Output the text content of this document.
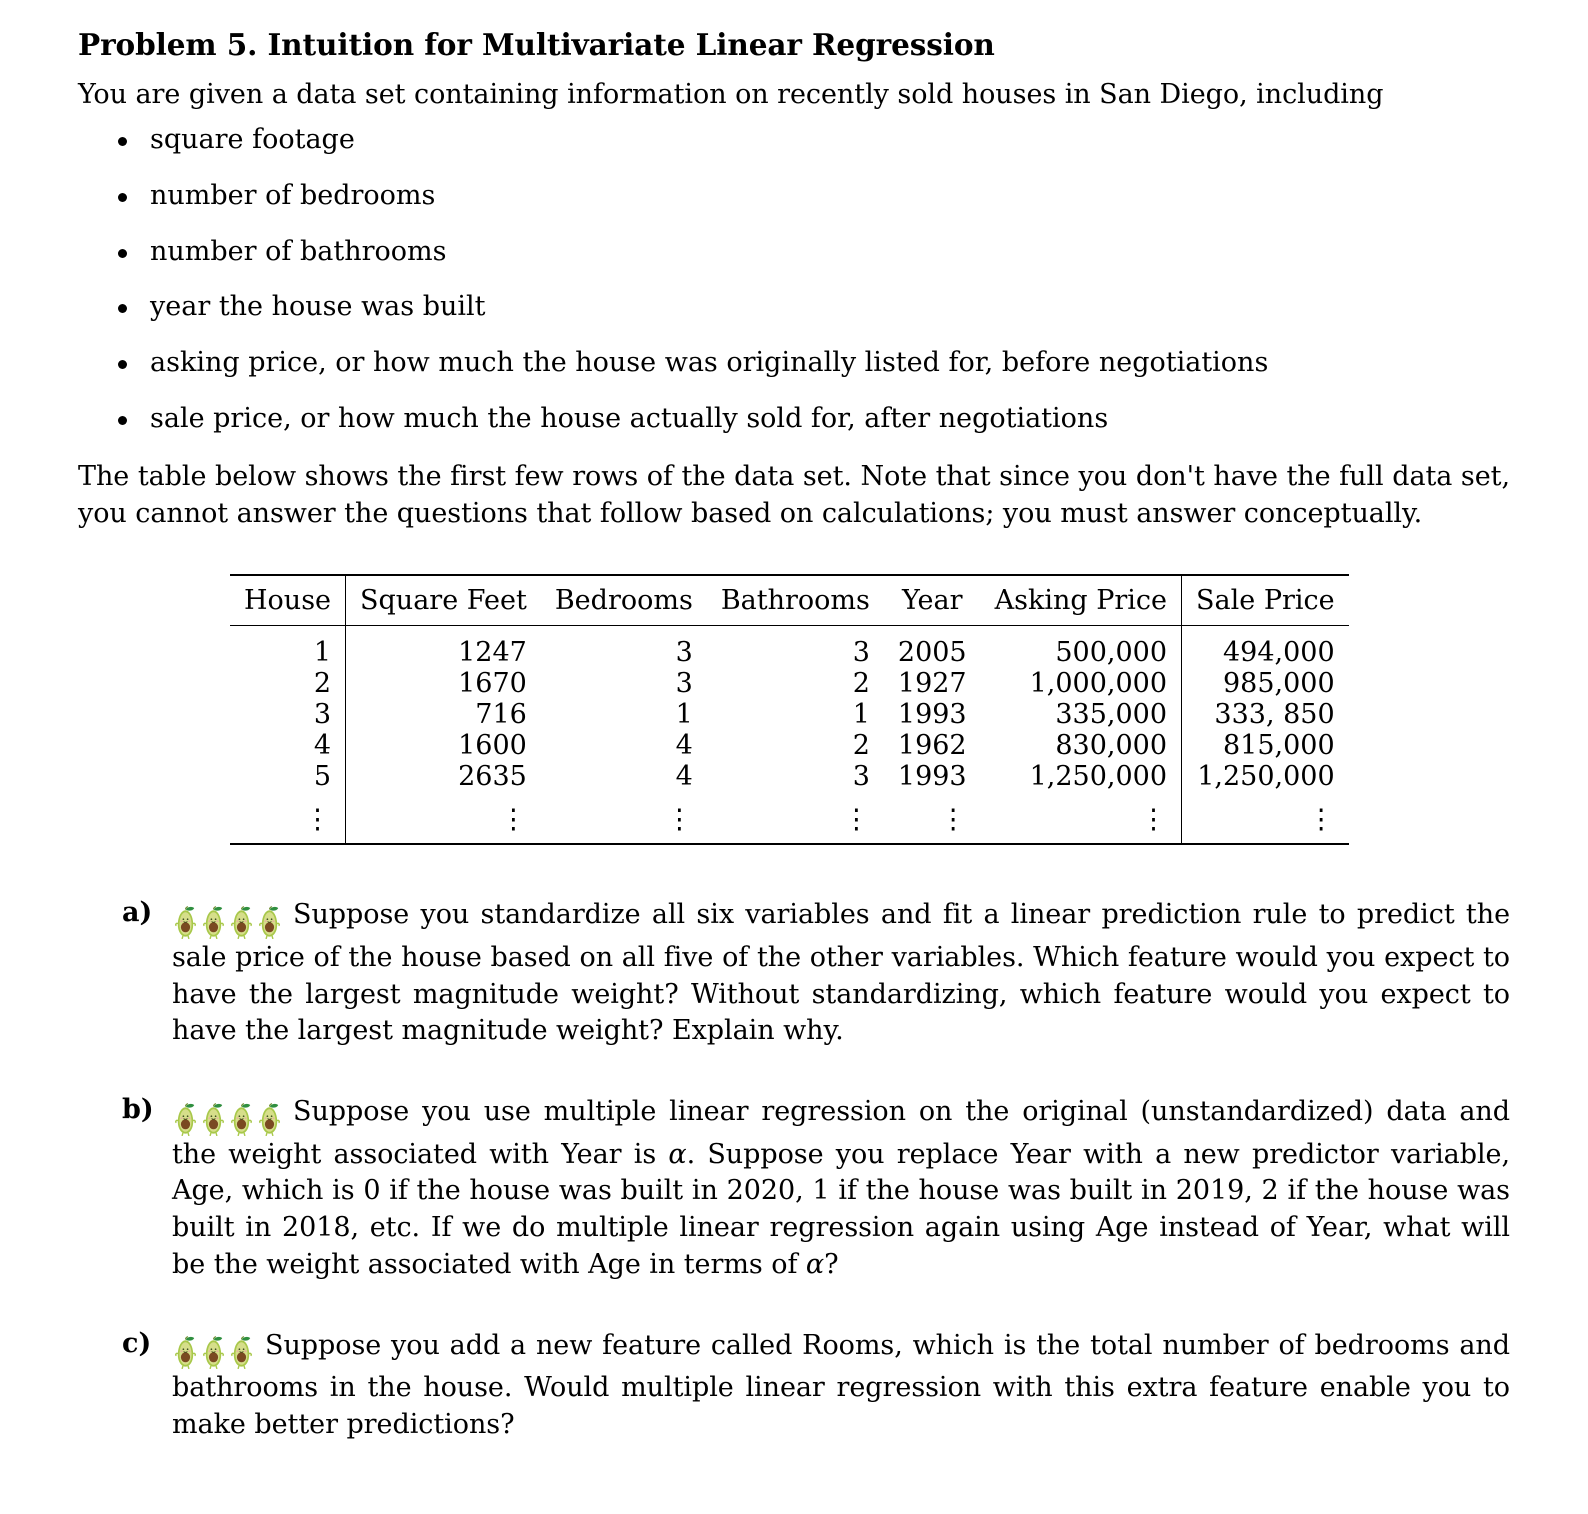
Problem 5. Intuition for Multivariate Linear Regression

You are given a data set containing information on recently sold houses in San Diego, including

square footage
number of bedrooms
number of bathrooms
year the house was built
asking price, or how much the house was originally listed for, before negotiations
sale price, or how much the house actually sold for, after negotiations

The table below shows the first few rows of the data set. Note that since you don't have the full data set, you cannot answer the questions that follow based on calculations; you must answer conceptually.

House	Square Feet	Bedrooms	Bathrooms	Year	Asking Price	Sale Price
1	1247	3	3	2005	500,000	494,000
2	1670	3	2	1927	1,000,000	985,000
3	716	1	1	1993	335,000	333, 850
4	1600	4	2	1962	830,000	815,000
5	2635	4	3	1993	1,250,000	1,250,000
⋮	⋮	⋮	⋮	⋮	⋮	⋮
a)	Suppose you standardize all six variables and fit a linear prediction rule to predict the sale price of the house based on all five of the other variables. Which feature would you expect to have the largest magnitude weight? Without standardizing, which feature would you expect to have the largest magnitude weight? Explain why.
b)	Suppose you use multiple linear regression on the original (unstandardized) data and the weight associated with Year is α. Suppose you replace Year with a new predictor variable, Age, which is 0 if the house was built in 2020, 1 if the house was built in 2019, 2 if the house was built in 2018, etc. If we do multiple linear regression again using Age instead of Year, what will be the weight associated with Age in terms of α?
c)	Suppose you add a new feature called Rooms, which is the total number of bedrooms and bathrooms in the house. Would multiple linear regression with this extra feature enable you to make better predictions?
